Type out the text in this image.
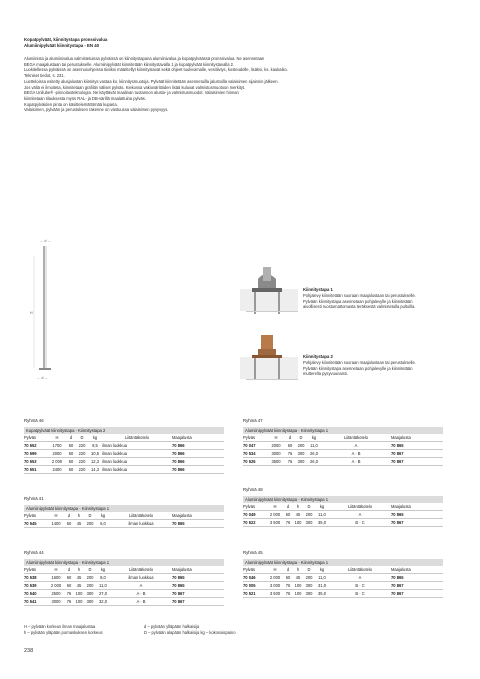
Kopatpylväät, kiinnitystapa pronssivalua
Alumiinipylväät kiinnitystapa - EN 40

Alumiinista ja alumiinivalua valmistetuissa pylväissä on kiinnitystapana alumiinivalua ja kopatpylväässä pronssivalua. Ne asennetaan

BEGA maajalustaan tai perustukselle. Alumiinipylväät kiinnitetään kiinnitystavalla 1 ja kopatpylväät kiinnitystavalla 2.

Luokitellessa pylväissä on asennusohjeissa tiiviiksi määritellyt kiinnitystavat sekä ohjeet tuulivoimalle, vesitiiviys, kosteudelle, lisäksi, ks. kaukaiko.

Tekniset tiedot, s. 231.

Luetteloissa esitetty alusjalustan kiinnitys vastaa ko. kiinnitysmuotoja. Pylväät kiinnitetään asennetuilla jalustoilla valaisimen sijainnin jälkeen.

Jos väliä ei ilmoiteta, kiinnitetaan grafiitin väliset pylväs. Kiekossa vakioväritöiden lisää kuluvat valmistusmuotoon merkityt.

BEGA Unilube® -pinnoitusteknologia. Ne käyttävät maalinan tuotannon alusta- ja valmistusmuodot. Valaisimien hinnan

kiinnitetaan tilauksesta myös RAL- ja DB-värillä maalattuina pylväs.

Kopatpylväiden pinta on käsittelemättömää kuparia.

Valaisimen, pylvään ja perustuksen rakenne on vastuussa valaisimen pysyvyys.

← d →
H
← d →
Kiinnitystapa 1
Pohjalevy kiinnitetään suoraan maajalustaan tai perustukselle.
Pylvään kiinnitystapa asennetaan pohjalevylle ja kiinnitetään
aivollisesti ruostumattomasta teräksestä valmistetulla pultoilla.
Kiinnitystapa 2
Pohjalevy kiinnitetään suoraan maajalustaan tai perustukselle.
Pylvään kiinnitystapa asennetaan pohjalevylle ja kiinnitetään
mutterella pysyvuunaisti.
Ryhmä 46
Kupatpylväät kiinnitystapa - Kiinnitystapa 2
Pylväs	H	d	D	kg	Liitäntäkotelo	Maajalusta
70 552	1700	60	220	9,5	ilman luokkua	70 866
70 599	2000	60	220	10,5	ilman luokkua	70 866
70 553	2 000	60	220	12,3	ilman luokkua	70 866
70 551	2400	60	220	14,3	ilman luokkua	70 866
Ryhmä 47
Alumiinipylväät kiinnitystapa - Kiinnitystapa 1
Pylväs	H	d	D	kg	Liitäntäkotelo	Maajalusta
70 047	2000	60	200	11,0	A	70 865
70 534	3000	76	300	26,0	A · B	70 867
70 526	3500	76	300	26,0	A · B	70 867
Ryhmä 48
Alumiinipylväät kiinnitystapa - Kiinnitystapa 1
Pylväs	H	d	h	D	kg	Liitäntäkotelo	Maajalusta
70 049	2 000	60	45	200	11,0	A	70 865
70 522	3 500	76	100	300	35,0	B · C	70 867
Ryhmä 41
Alumiinipylväät kiinnitystapa - Kiinnitystapa 1
Pylväs	H	d	h	D	kg	Liitäntäkotelo	Maajalusta
70 545	1400	60	45	200	6,0	ilman luokkua	70 865
Ryhmä 44
Alumiinipylväät kiinnitystapa - Kiinnitystapa 1
Pylväs	H	d	h	D	kg	Liitäntäkotelo	Maajalusta
70 538	1600	60	45	200	8,0	ilman luokkua	70 865
70 539	2 000	60	45	200	11,0	A	70 865
70 540	2500	76	100	300	27,0	A · B	70 867
70 541	3000	76	100	300	32,0	A · B	70 867
Ryhmä 45
Alumiinipylväät kiinnitystapa - Kiinnitystapa 1
Pylväs	H	d	h	D	kg	Liitäntäkotelo	Maajalusta
70 046	2 000	60	45	200	11,0	A	70 865
70 005	3 000	76	100	300	31,0	B · C	70 867
70 521	3 500	76	100	300	35,0	B · C	70 867
H – pylvään korkeus ilman maajalustaa	d – pylvään ylläpään halkaisija
h – pylvään yläpään pornaskuksen korkeus	D – pylvään alapään halkaisija kg – kokonaispaino
238
